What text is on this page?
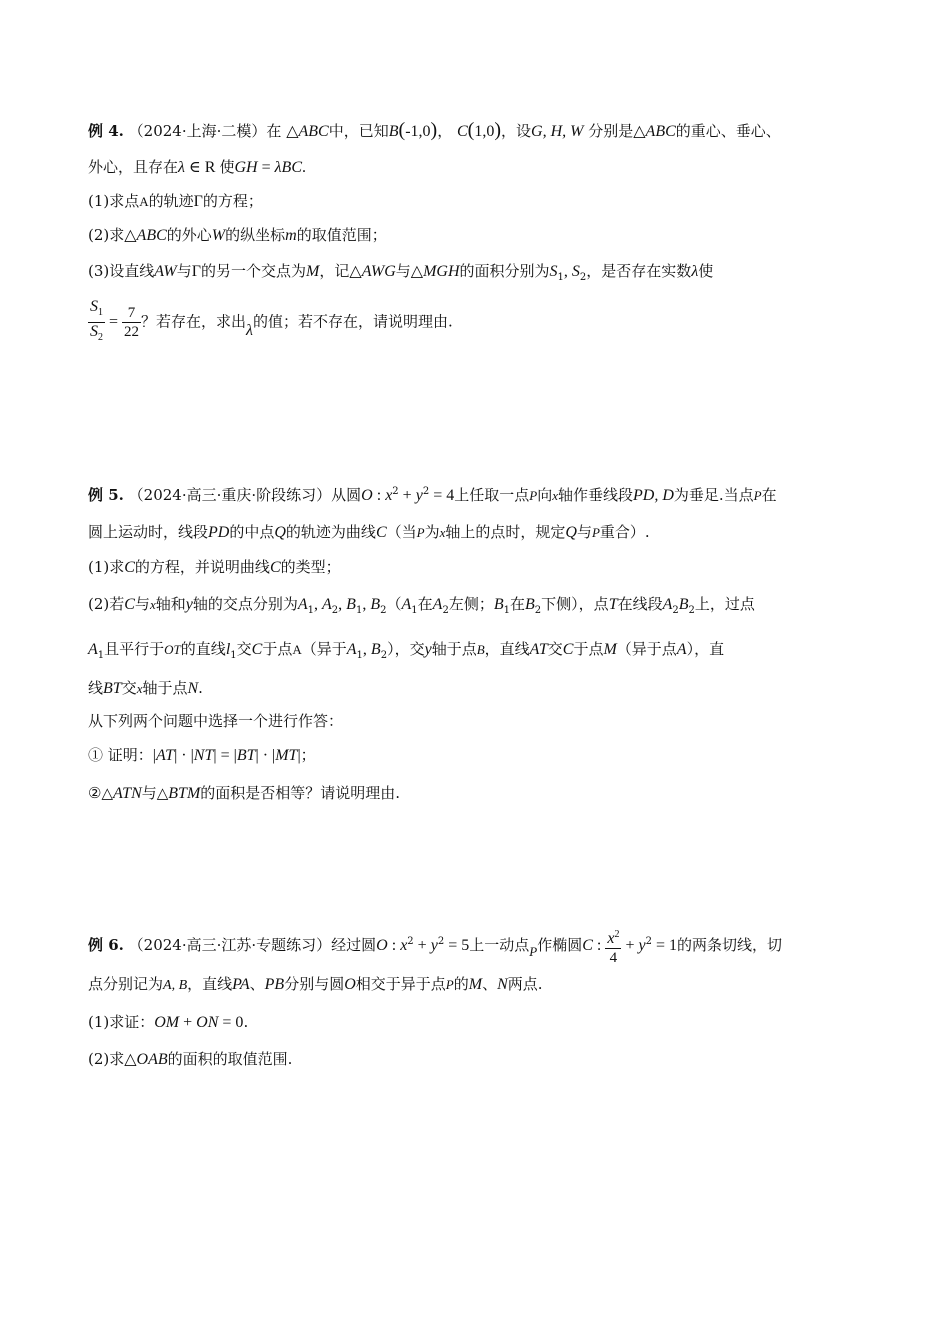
例 4. （2024·上海·二模）在 △ABC中，已知B(-1,0)， C(1,0)，设G, H, W 分别是△ABC的重心、垂心、
外心，且存在λ ∈ R 使GH = λBC.
(1)求点A的轨迹Γ的方程；
(2)求△ABC的外心W的纵坐标m的取值范围；
(3)设直线AW与Γ的另一个交点为M，记△AWG与△MGH的面积分别为$S_1$, $S_2$，是否存在实数λ使
$\frac{S_1}{S_2} = \frac{7}{22}$ ？若存在，求出λ的值；若不存在，请说明理由.
例 5. （2024·高三·重庆·阶段练习）从圆O : $x^2 + y^2 = 4$上任取一点P向x轴作垂线段PD, D为垂足.当点P在
圆上运动时，线段PD的中点Q的轨迹为曲线C（当P为x轴上的点时，规定Q与P重合）.
(1)求C的方程，并说明曲线C的类型；
(2)若C与x轴和y轴的交点分别为$A_1$, $A_2$, $B_1$, $B_2(A_1$在$A_2$左侧；$B_1$在$B_2$下侧），点T在线段$A_2B_2$上，过点
$A_1$且平行于OT的直线$l_1$交C于点A（异于$A_1$, $B_2$），交y轴于点B，直线AT交C于点M（异于点A），直
线BT交x轴于点N.
从下列两个问题中选择一个进行作答：
① 证明：|AT| · |NT| = |BT| · |MT|；
②△ATN与△BTM的面积是否相等？请说明理由.
例 6. （2024·高三·江苏·专题练习）经过圆O : $x^2 + y^2 = 5$上一动点P作椭圆C : $\frac{x^2}{4} + y^2 = 1$的两条切线，切
点分别记为A, B，直线PA、PB分别与圆O相交于异于点P的M、N两点.
(1)求证：OM + ON = 0.
(2)求△OAB的面积的取值范围.
